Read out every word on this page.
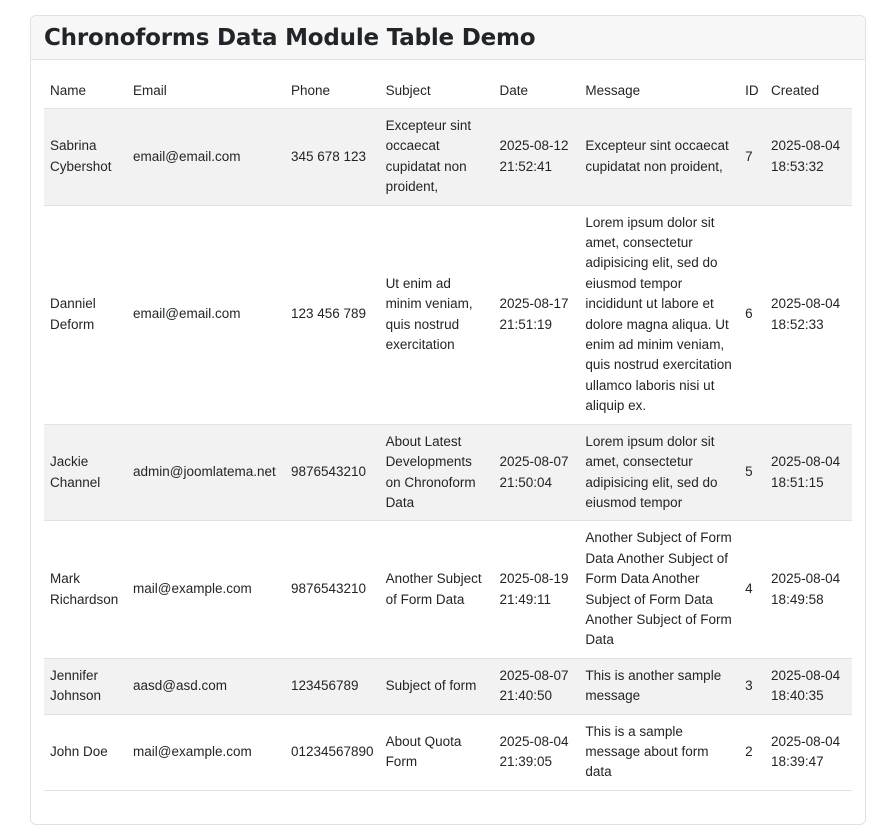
Chronoforms Data Module Table Demo
Name	Email	Phone	Subject	Date	Message	ID	Created
Sabrina Cybershot	email@email.com	345 678 123	Excepteur sint occaecat cupidatat non proident,	2025-08-12 21:52:41	Excepteur sint occaecat cupidatat non proident,	7	2025-08-04 18:53:32
Danniel Deform	email@email.com	123 456 789	Ut enim ad minim veniam, quis nostrud exercitation	2025-08-17 21:51:19	Lorem ipsum dolor sit amet, consectetur adipisicing elit, sed do eiusmod tempor incididunt ut labore et dolore magna aliqua. Ut enim ad minim veniam, quis nostrud exercitation ullamco laboris nisi ut aliquip ex.	6	2025-08-04 18:52:33
Jackie Channel	admin@joomlatema.net	9876543210	About Latest Developments on Chronoform Data	2025-08-07 21:50:04	Lorem ipsum dolor sit amet, consectetur adipisicing elit, sed do eiusmod tempor	5	2025-08-04 18:51:15
Mark Richardson	mail@example.com	9876543210	Another Subject of Form Data	2025-08-19 21:49:11	Another Subject of Form Data Another Subject of Form Data Another Subject of Form Data Another Subject of Form Data	4	2025-08-04 18:49:58
Jennifer Johnson	aasd@asd.com	123456789	Subject of form	2025-08-07 21:40:50	This is another sample message	3	2025-08-04 18:40:35
John Doe	mail@example.com	01234567890	About Quota Form	2025-08-04 21:39:05	This is a sample message about form data	2	2025-08-04 18:39:47
